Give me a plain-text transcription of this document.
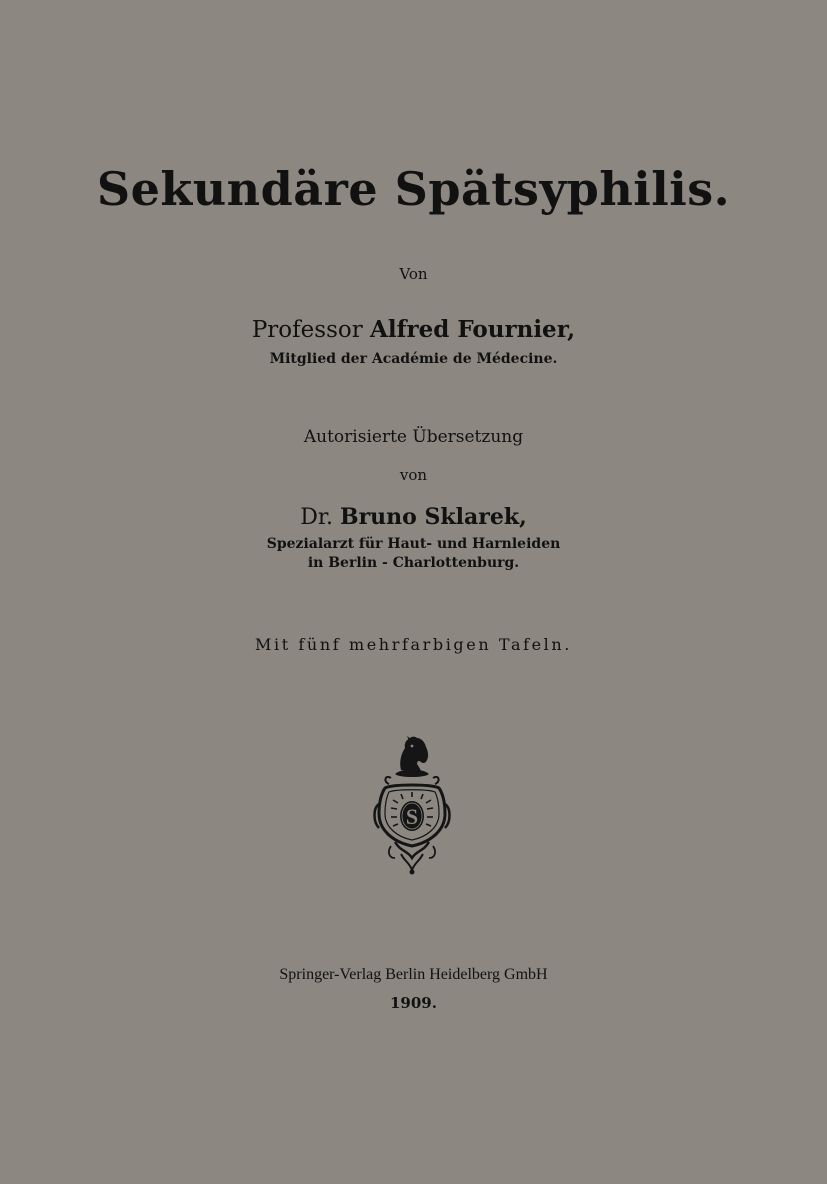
Sekundäre Spätsyphilis.
Von
Professor Alfred Fournier,
Mitglied der Académie de Médecine.
Autorisierte Übersetzung
von
Dr. Bruno Sklarek,
Spezialarzt für Haut- und Harnleiden
in Berlin - Charlottenburg.
Mit fünf mehrfarbigen Tafeln.
S
Springer-Verlag Berlin Heidelberg GmbH
1909.
